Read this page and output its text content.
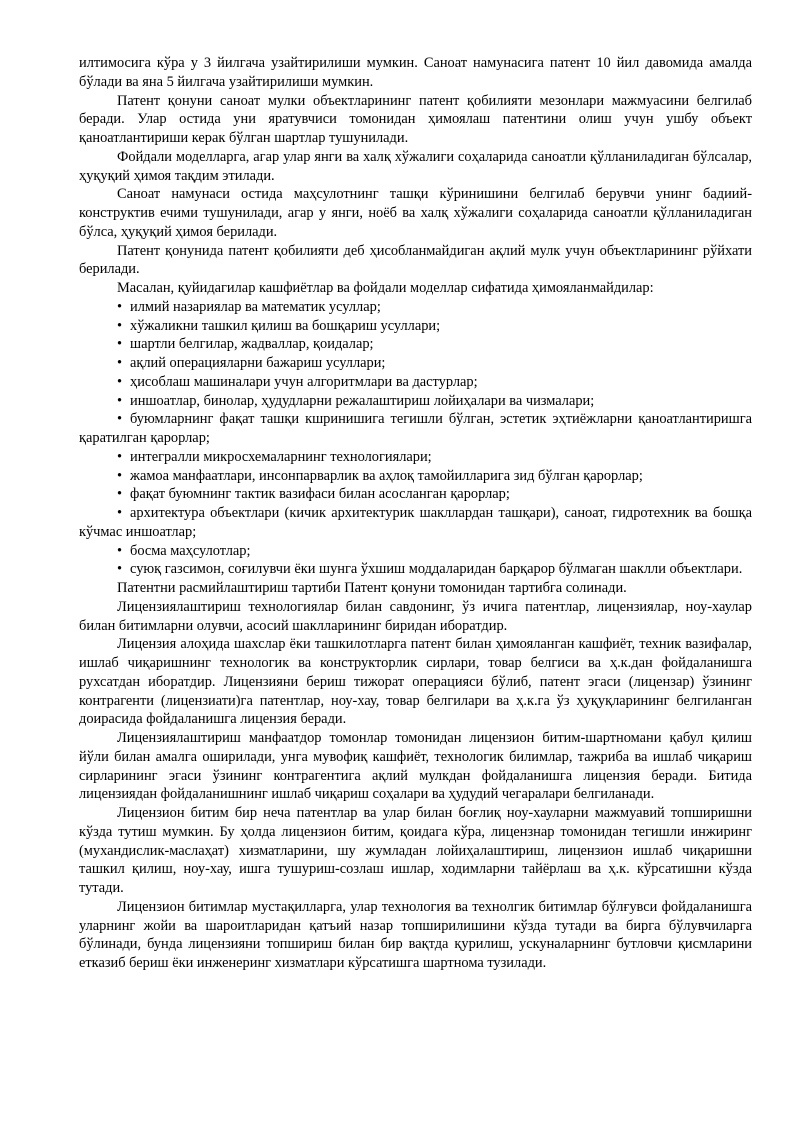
илтимосига кўра у 3 йилгача узайтирилиши мумкин. Саноат намунасига патент 10 йил давомида амалда бўлади ва яна 5 йилгача узайтирилиши мумкин.

Патент қонуни саноат мулки объектларининг патент қобилияти мезонлари мажмуасини белгилаб беради. Улар остида уни яратувчиси томонидан ҳимоялаш патентини олиш учун ушбу объект қаноатлантириши керак бўлган шартлар тушунилади.

Фойдали моделларга, агар улар янги ва халқ хўжалиги соҳаларида саноатли қўлланиладиган бўлсалар, ҳуқуқий ҳимоя тақдим этилади.

Саноат намунаси остида маҳсулотнинг ташқи кўринишини белгилаб берувчи унинг бадиий-конструктив ечими тушунилади, агар у янги, ноёб ва халқ хўжалиги соҳаларида саноатли қўлланиладиган бўлса, ҳуқуқий ҳимоя берилади.

Патент қонунида патент қобилияти деб ҳисобланмайдиган ақлий мулк учун объектларининг рўйхати берилади.

Масалан, қуйидагилар кашфиётлар ва фойдали моделлар сифатида ҳимояланмайдилар:

• илмий назариялар ва математик усуллар;
• хўжаликни ташкил қилиш ва бошқариш усуллари;
• шартли белгилар, жадваллар, қоидалар;
• ақлий операцияларни бажариш усуллари;
• ҳисоблаш машиналари учун алгоритмлари ва дастурлар;
• иншоатлар, бинолар, ҳудудларни режалаштириш лойиҳалари ва чизмалари;
• буюмларнинг фақат ташқи кшринишига тегишли бўлган, эстетик эҳтиёжларни қаноатлантиришга қаратилган қарорлар;
• интегралли микросхемаларнинг технологиялари;
• жамоа манфаатлари, инсонпарварлик ва аҳлоқ тамойилларига зид бўлган қарорлар;
• фақат буюмнинг тактик вазифаси билан асосланган қарорлар;
• архитектура объектлари (кичик архитектурик шакллардан ташқари), саноат, гидротехник ва бошқа кўчмас иншоатлар;
• босма маҳсулотлар;
• суюқ газсимон, соғилувчи ёки шунга ўхшиш моддаларидан барқарор бўлмаган шаклли объектлари.

Патентни расмийлаштириш тартиби Патент қонуни томонидан тартибга солинади.

Лицензиялаштириш технологиялар билан савдонинг, ўз ичига патентлар, лицензиялар, ноу-хаулар билан битимларни олувчи, асосий шаклларининг биридан иборатдир.

Лицензия алоҳида шахслар ёки ташкилотларга патент билан ҳимояланган кашфиёт, техник вазифалар, ишлаб чиқаришнинг технологик ва конструкторлик сирлари, товар белгиси ва ҳ.к.дан фойдаланишга рухсатдан иборатдир. Лицензияни бериш тижорат операцияси бўлиб, патент эгаси (лицензар) ўзининг контрагенти (лицензиати)га патентлар, ноу-хау, товар белгилари ва ҳ.к.га ўз ҳуқуқларининг белгиланган доирасида фойдаланишга лицензия беради.

Лицензиялаштириш манфаатдор томонлар томонидан лицензион битим-шартномани қабул қилиш йўли билан амалга оширилади, унга мувофиқ кашфиёт, технологик билимлар, тажриба ва ишлаб чиқариш сирларининг эгаси ўзининг контрагентига ақлий мулкдан фойдаланишга лицензия беради. Битида лицензиядан фойдаланишнинг ишлаб чиқариш соҳалари ва ҳудудий чегаралари белгиланади.

Лицензион битим бир неча патентлар ва улар билан боғлиқ ноу-хауларни мажмуавий топширишни кўзда тутиш мумкин. Бу ҳолда лицензион битим, қоидага кўра, лицензнар томонидан тегишли инжиринг (мухандислик-маслаҳат) хизматларини, шу жумладан лойиҳалаштириш, лицензион ишлаб чиқаришни ташкил қилиш, ноу-хау, ишга тушуриш-созлаш ишлар, ходимларни тайёрлаш ва ҳ.к. кўрсатишни кўзда тутади.

Лицензион битимлар мустақилларга, улар технология ва технолгик битимлар бўлғувси фойдаланишга уларнинг жойи ва шароитларидан қатъий назар топширилишини кўзда тутади ва бирга бўлувчиларга бўлинади, бунда лицензияни топшириш билан бир вақтда қурилиш, ускуналарнинг бутловчи қисмларини етказиб бериш ёки инженеринг хизматлари кўрсатишга шартнома тузилади.
